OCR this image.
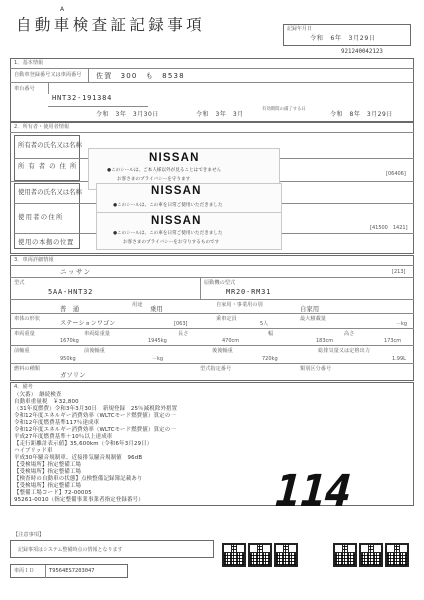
A
自動車検査証記録事項	記録年月日
令和　6年　3月29日
921240042123
1．基本情報
自動車登録番号又は車両番号 佐賀　300　も　8538
車台番号
HNT32-191384
令和　3年　3月30日	令和　3年　3月
有効期間の満了する日
令和　8年　3月29日
2．所有者・使用者情報
所有者の氏名又は名称
所有者の住所
[06406]
使用者の氏名又は名称
使用者の住所
[41500　1421]
使用の本拠の位置
NISSAN
●このシールは、ご本人様以外が見ることはできません
お客さまのプライバシーを守ります
NISSAN
●このシールは、この車を日常ご使用いただきました
NISSAN
●このシールは、この車を日常ご使用いただきました
お客さまのプライバシーをお守りするものです
3．車両詳細情報
ニッサン	[213]
型式
5AA-HNT32
原動機の型式
MR20-RM31
普　通	用途 乗用	自家用・事業用の別	自家用
車体の形状
ステーションワゴン	[063]
乗車定員
5人
最大積載量
－kg
車両重量
1670kg
車両総重量
1945kg
長さ
470cm
幅
183cm
高さ
173cm
前軸重
950kg
前後軸重
－kg
後後軸重
720kg
総排気量又は定格出力
1.99L
燃料の種類
ガソリン
型式指定番号	類別区分番号
4．備考
（欠番）　継続検査
自動車重量税　￥32,800
（31年度燃費）令和3年3月30日　新規登録　25％減税除外措置
令和12年度エネルギー消費効率（WLTCモード燃費値）算定の一
令和12年度燃費基準117％達成車
令和12年度エネルギー消費効率（WLTCモード燃費値）算定の一
平成27年度燃費基準＋10％以上達成車
【走行距離計表示値】35,600km（令和6年3月29日）
ハイブリッド車
平成30年騒音規制車、近接排気騒音規制値　96dB
【受検場所】指定整備工場
【受検場所】指定整備工場
【検査時の自動車の状態】点検整備記録簿記載あり
【受検場所】指定整備工場
【整備工場コード】72-00005
95261-0010（指定整備事業事業者指定登録番号）	114
【注意事項】
記録事項はシステム整備時点の情報となります
車両ＩＤ	T9564ES7203047
